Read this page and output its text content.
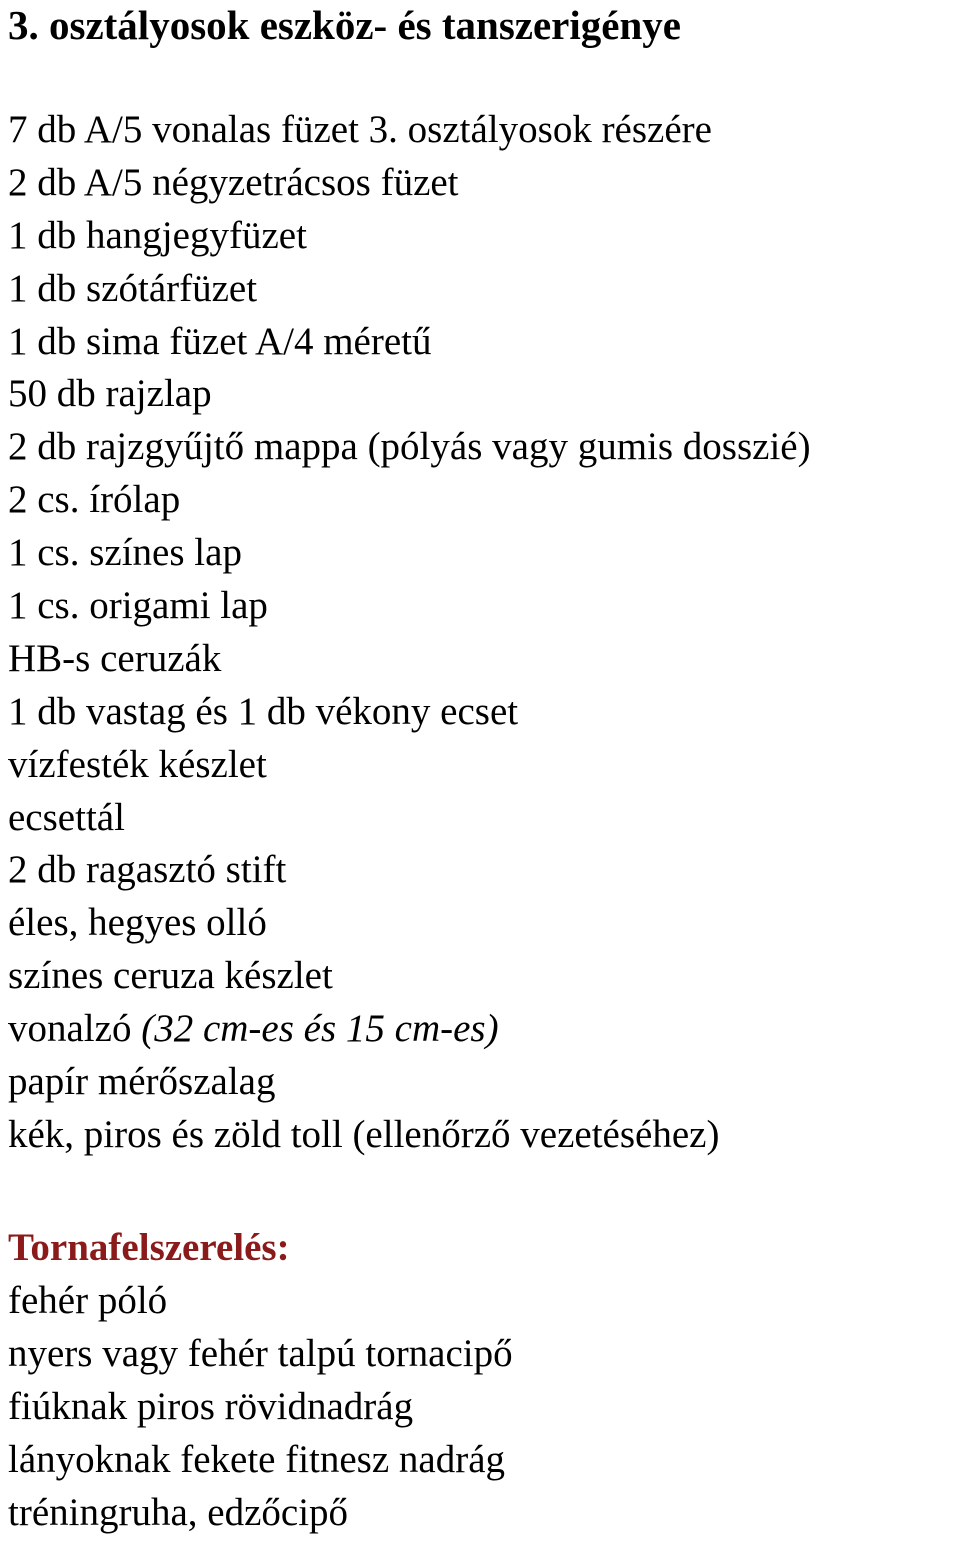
3. osztályosok eszköz- és tanszerigénye
7 db A/5 vonalas füzet 3. osztályosok részére
2 db A/5 négyzetrácsos füzet
1 db hangjegyfüzet
1 db szótárfüzet
1 db sima füzet A/4 méretű
50 db rajzlap
2 db rajzgyűjtő mappa (pólyás vagy gumis dosszié)
2 cs. írólap
1 cs. színes lap
1 cs. origami lap
HB-s ceruzák
1 db vastag és 1 db vékony ecset
vízfesték készlet
ecsettál
2 db ragasztó stift
éles, hegyes olló
színes ceruza készlet
vonalzó (32 cm-es és 15 cm-es)
papír mérőszalag
kék, piros és zöld toll (ellenőrző vezetéséhez)
Tornafelszerelés:
fehér póló
nyers vagy fehér talpú tornacipő
fiúknak piros rövidnadrág
lányoknak fekete fitnesz nadrág
tréningruha, edzőcipő
